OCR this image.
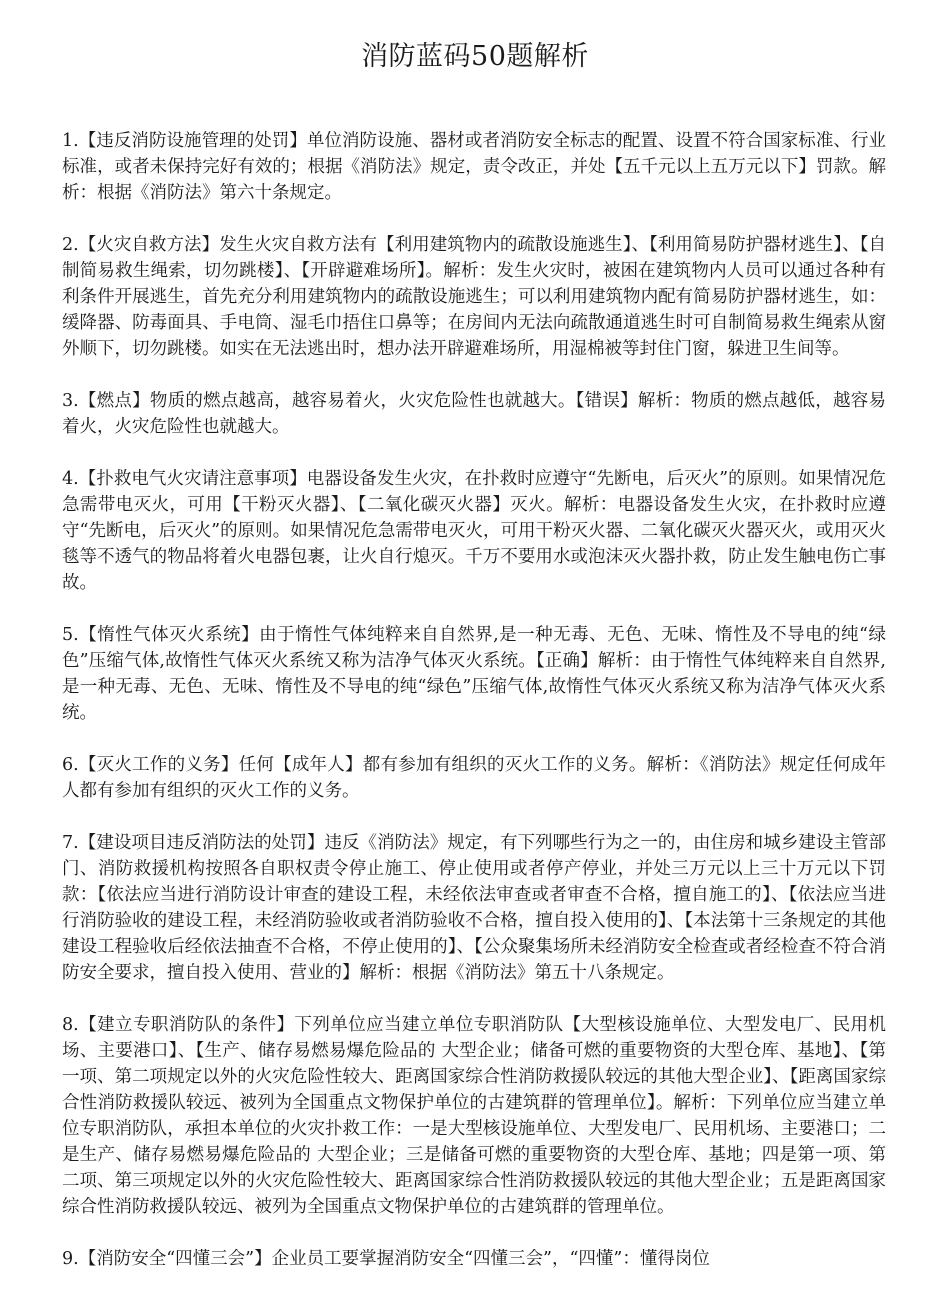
消防蓝码50题解析

1.【违反消防设施管理的处罚】单位消防设施、器材或者消防安全标志的配置、设置不符合国家标准、行业标准，或者未保持完好有效的；根据《消防法》规定，责令改正，并处【五千元以上五万元以下】罚款。解析：根据《消防法》第六十条规定。

2.【火灾自救方法】发生火灾自救方法有【利用建筑物内的疏散设施逃生】、【利用简易防护器材逃生】、【自制简易救生绳索，切勿跳楼】、【开辟避难场所】。解析：发生火灾时，被困在建筑物内人员可以通过各种有利条件开展逃生，首先充分利用建筑物内的疏散设施逃生；可以利用建筑物内配有简易防护器材逃生，如：缓降器、防毒面具、手电筒、湿毛巾捂住口鼻等；在房间内无法向疏散通道逃生时可自制简易救生绳索从窗外顺下，切勿跳楼。如实在无法逃出时，想办法开辟避难场所，用湿棉被等封住门窗，躲进卫生间等。

3.【燃点】物质的燃点越高，越容易着火，火灾危险性也就越大。【错误】解析：物质的燃点越低，越容易着火，火灾危险性也就越大。

4.【扑救电气火灾请注意事项】电器设备发生火灾，在扑救时应遵守“先断电，后灭火”的原则。如果情况危急需带电灭火，可用【干粉灭火器】、【二氧化碳灭火器】灭火。解析：电器设备发生火灾，在扑救时应遵守“先断电，后灭火”的原则。如果情况危急需带电灭火，可用干粉灭火器、二氧化碳灭火器灭火，或用灭火毯等不透气的物品将着火电器包裹，让火自行熄灭。千万不要用水或泡沫灭火器扑救，防止发生触电伤亡事故。

5.【惰性气体灭火系统】由于惰性气体纯粹来自自然界,是一种无毒、无色、无味、惰性及不导电的纯“绿色”压缩气体,故惰性气体灭火系统又称为洁净气体灭火系统。【正确】解析：由于惰性气体纯粹来自自然界,是一种无毒、无色、无味、惰性及不导电的纯“绿色”压缩气体,故惰性气体灭火系统又称为洁净气体灭火系统。

6.【灭火工作的义务】任何【成年人】都有参加有组织的灭火工作的义务。解析：《消防法》规定任何成年人都有参加有组织的灭火工作的义务。

7.【建设项目违反消防法的处罚】违反《消防法》规定，有下列哪些行为之一的，由住房和城乡建设主管部门、消防救援机构按照各自职权责令停止施工、停止使用或者停产停业，并处三万元以上三十万元以下罚款：【依法应当进行消防设计审查的建设工程，未经依法审查或者审查不合格，擅自施工的】、【依法应当进行消防验收的建设工程，未经消防验收或者消防验收不合格，擅自投入使用的】、【本法第十三条规定的其他建设工程验收后经依法抽查不合格，不停止使用的】、【公众聚集场所未经消防安全检查或者经检查不符合消防安全要求，擅自投入使用、营业的】解析：根据《消防法》第五十八条规定。

8.【建立专职消防队的条件】下列单位应当建立单位专职消防队【大型核设施单位、大型发电厂、民用机场、主要港口】、【生产、储存易燃易爆危险品的 大型企业；储备可燃的重要物资的大型仓库、基地】、【第一项、第二项规定以外的火灾危险性较大、距离国家综合性消防救援队较远的其他大型企业】、【距离国家综合性消防救援队较远、被列为全国重点文物保护单位的古建筑群的管理单位】。解析：下列单位应当建立单位专职消防队，承担本单位的火灾扑救工作：一是大型核设施单位、大型发电厂、民用机场、主要港口；二是生产、储存易燃易爆危险品的 大型企业；三是储备可燃的重要物资的大型仓库、基地；四是第一项、第二项、第三项规定以外的火灾危险性较大、距离国家综合性消防救援队较远的其他大型企业；五是距离国家综合性消防救援队较远、被列为全国重点文物保护单位的古建筑群的管理单位。

9.【消防安全“四懂三会”】企业员工要掌握消防安全“四懂三会”，“四懂”：懂得岗位
